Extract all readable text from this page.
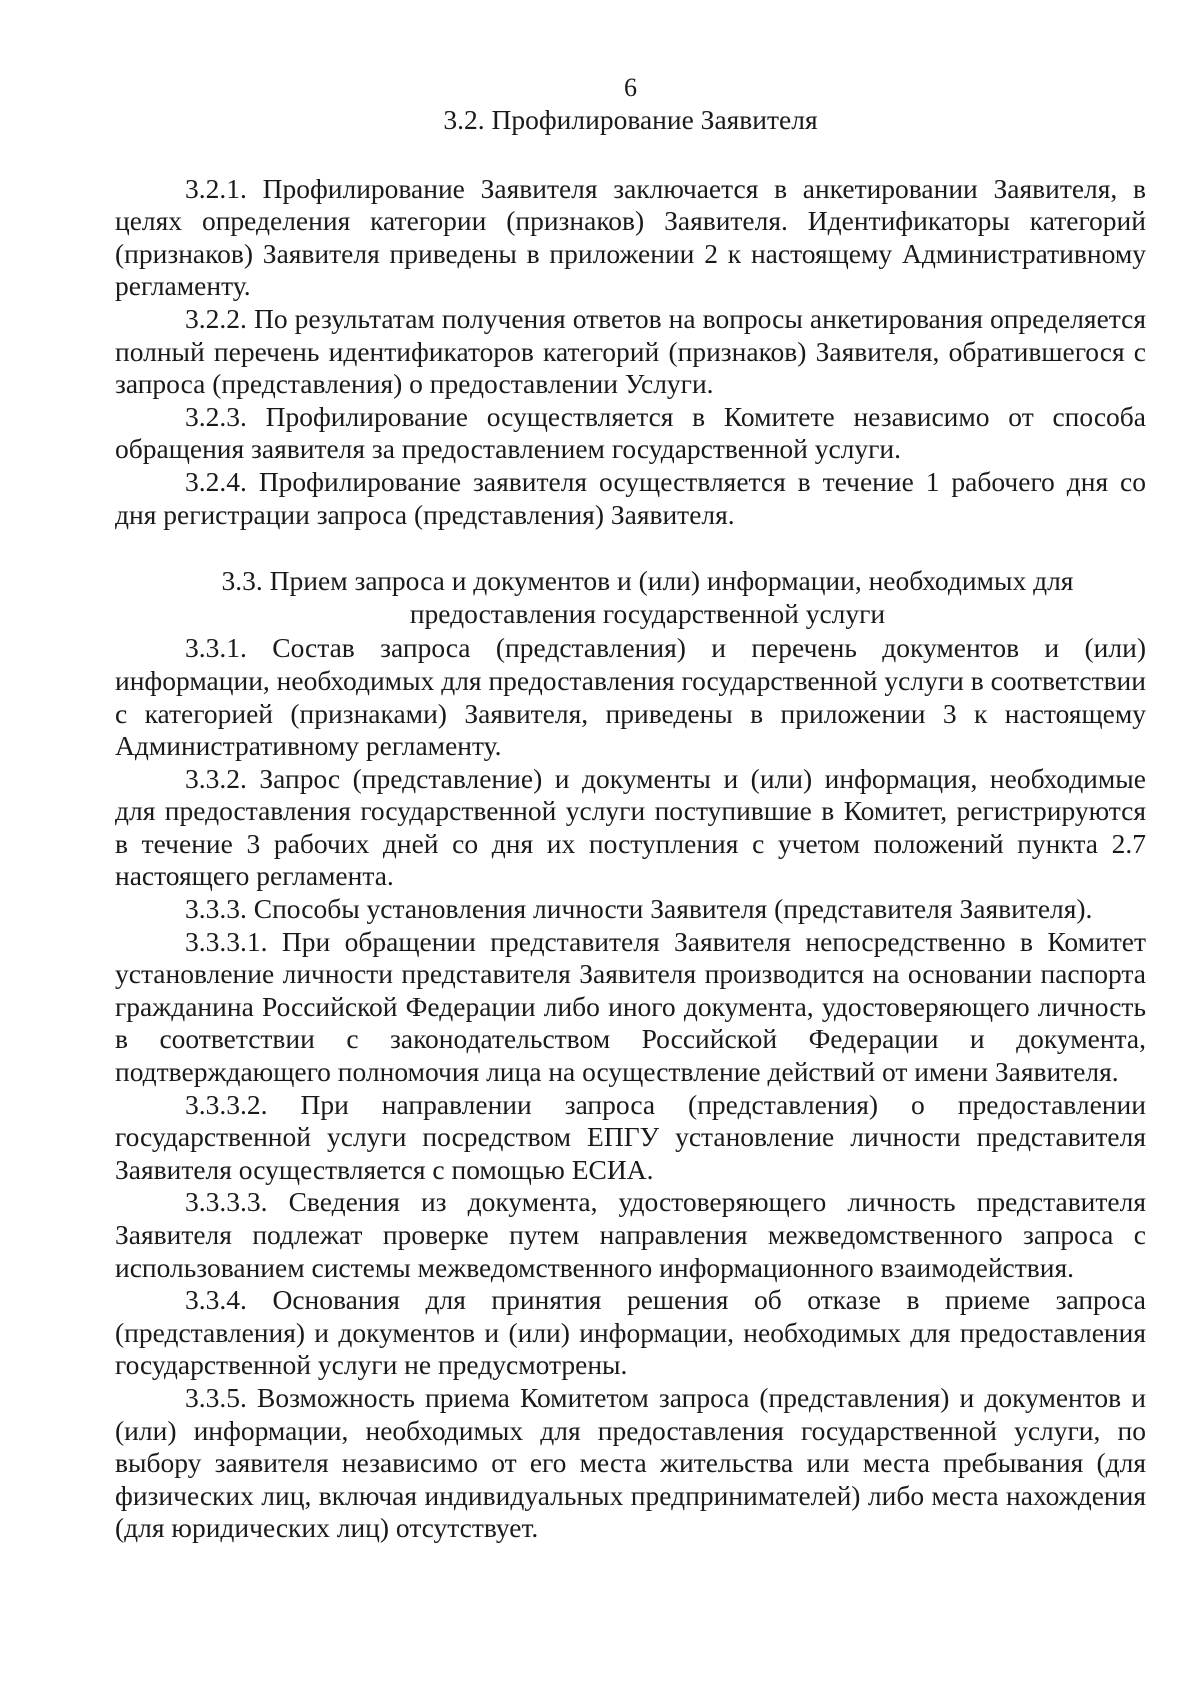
6
3.2. Профилирование Заявителя

3.2.1. Профилирование Заявителя заключается в анкетировании Заявителя, в целях определения категории (признаков) Заявителя. Идентификаторы категорий (признаков) Заявителя приведены в приложении 2 к настоящему Административному регламенту.

3.2.2. По результатам получения ответов на вопросы анкетирования определяется полный перечень идентификаторов категорий (признаков) Заявителя, обратившегося с запроса (представления) о предоставлении Услуги.

3.2.3. Профилирование осуществляется в Комитете независимо от способа обращения заявителя за предоставлением государственной услуги.

3.2.4. Профилирование заявителя осуществляется в течение 1 рабочего дня со дня регистрации запроса (представления) Заявителя.

3.3. Прием запроса и документов и (или) информации, необходимых для предоставления государственной услуги

3.3.1. Состав запроса (представления) и перечень документов и (или) информации, необходимых для предоставления государственной услуги в соответствии с категорией (признаками) Заявителя, приведены в приложении 3 к настоящему Административному регламенту.

3.3.2. Запрос (представление) и документы и (или) информация, необходимые для предоставления государственной услуги поступившие в Комитет, регистрируются в течение 3 рабочих дней со дня их поступления с учетом положений пункта 2.7 настоящего регламента.

3.3.3. Способы установления личности Заявителя (представителя Заявителя).

3.3.3.1. При обращении представителя Заявителя непосредственно в Комитет установление личности представителя Заявителя производится на основании паспорта гражданина Российской Федерации либо иного документа, удостоверяющего личность в соответствии с законодательством Российской Федерации и документа, подтверждающего полномочия лица на осуществление действий от имени Заявителя.

3.3.3.2. При направлении запроса (представления) о предоставлении государственной услуги посредством ЕПГУ установление личности представителя Заявителя осуществляется с помощью ЕСИА.

3.3.3.3. Сведения из документа, удостоверяющего личность представителя Заявителя подлежат проверке путем направления межведомственного запроса с использованием системы межведомственного информационного взаимодействия.

3.3.4. Основания для принятия решения об отказе в приеме запроса (представления) и документов и (или) информации, необходимых для предоставления государственной услуги не предусмотрены.

3.3.5. Возможность приема Комитетом запроса (представления) и документов и (или) информации, необходимых для предоставления государственной услуги, по выбору заявителя независимо от его места жительства или места пребывания (для физических лиц, включая индивидуальных предпринимателей) либо места нахождения (для юридических лиц) отсутствует.
